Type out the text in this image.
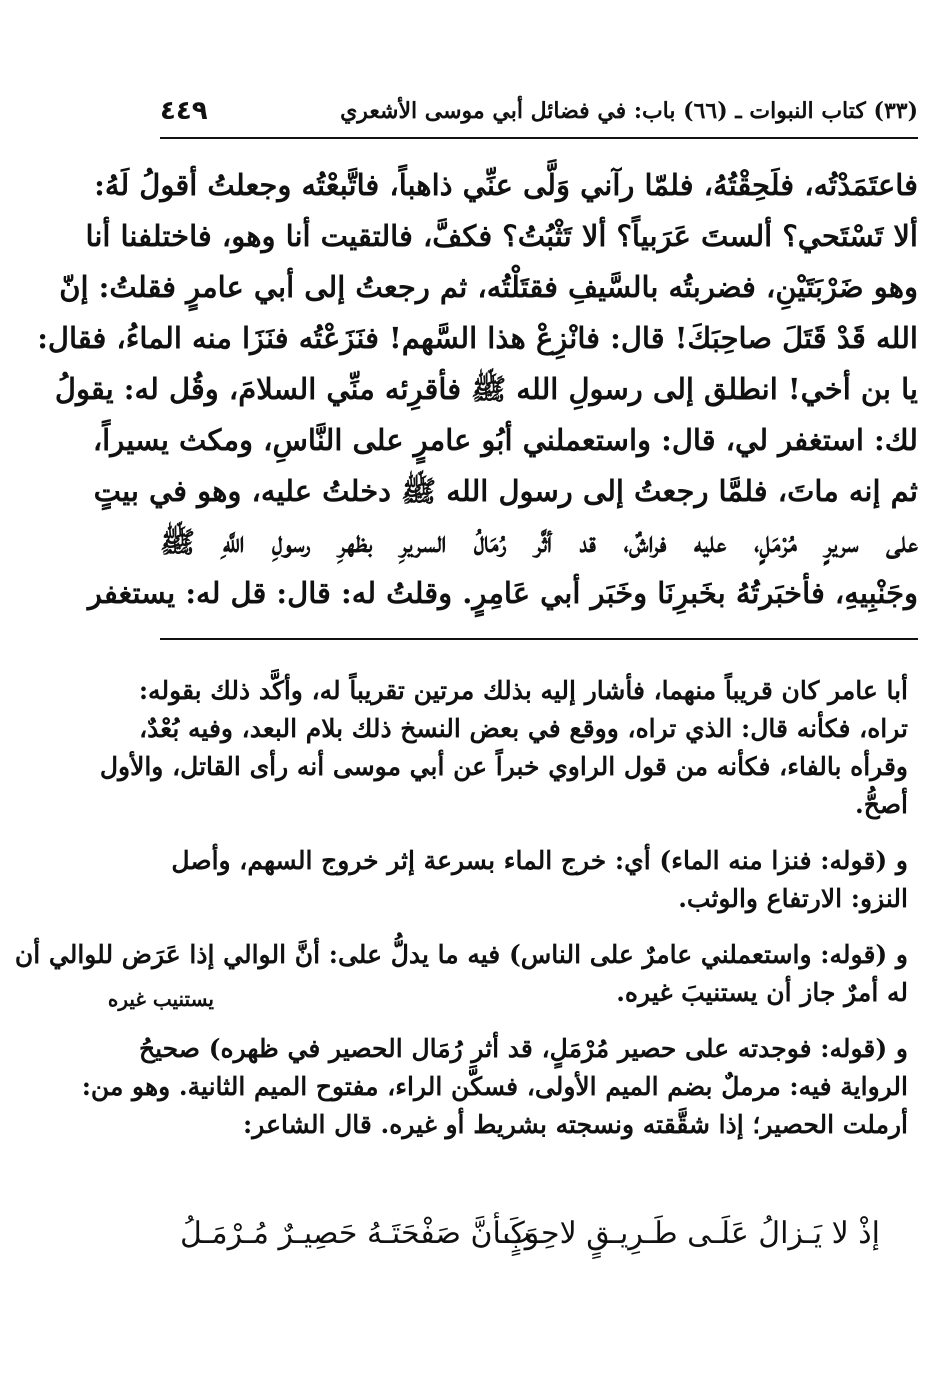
(٣٣) كتاب النبوات ـ (٦٦) باب: في فضائل أبي موسى الأشعري
٤٤٩
فاعتَمَدْتُه، فلَحِقْتُهُ، فلمّا رآني وَلَّى عنِّي ذاهباً، فاتَّبعْتُه وجعلتُ أقولُ لَهُ:
ألا تَسْتَحي؟ ألستَ عَرَبياً؟ ألا تَثْبُتُ؟ فكفَّ، فالتقيت أنا وهو، فاختلفنا أنا
وهو ضَرْبَتَيْنِ، فضربتُه بالسَّيفِ فقتَلْتُه، ثم رجعتُ إلى أبي عامرٍ فقلتُ: إنّ
الله قَدْ قَتَلَ صاحِبَكَ! قال: فانْزِعْ هذا السَّهم! فنَزَعْتُه فنَزَا منه الماءُ، فقال:
يا بن أخي! انطلق إلى رسولِ الله ﷺ فأقرِئه منِّي السلامَ، وقُل له: يقولُ
لك: استغفر لي، قال: واستعملني أبُو عامرٍ على النَّاسِ، ومكث يسيراً،
ثم إنه ماتَ، فلمَّا رجعتُ إلى رسول الله ﷺ دخلتُ عليه، وهو في بيتٍ
على سريرٍ مُرْمَلٍ، عليه فراشٌ، قد أثَّر رُمَالُ السريرِ بظهرِ رسولِ اللَّهِ ﷺ
وجَنْبِيهِ، فأخبَرتُهُ بخَبرِنَا وخَبَر أبي عَامِرٍ. وقلتُ له: قال: قل له: يستغفر
أبا عامر كان قريباً منهما، فأشار إليه بذلك مرتين تقريباً له، وأكَّد ذلك بقوله:
تراه، فكأنه قال: الذي تراه، ووقع في بعض النسخ ذلك بلام البعد، وفيه بُعْدٌ،
وقرأه بالفاء، فكأنه من قول الراوي خبراً عن أبي موسى أنه رأى القاتل، والأول
أصحُّ.
و (قوله: فنزا منه الماء) أي: خرج الماء بسرعة إثر خروج السهم، وأصل
النزو: الارتفاع والوثب.
و (قوله: واستعملني عامرٌ على الناس) فيه ما يدلُّ على: أنَّ الوالي إذا عَرَض للوالي أن
له أمرٌ جاز أن يستنيبَ غيره.
و (قوله: فوجدته على حصير مُرْمَلٍ، قد أثر رُمَال الحصير في ظهره) صحيحُ
الرواية فيه: مرملٌ بضم الميم الأولى، فسكَّن الراء، مفتوح الميم الثانية. وهو من:
أرملت الحصير؛ إذا شقَّقته ونسجته بشريط أو غيره. قال الشاعر:
يستنيب غيره
إذْ لا يَـزالُ عَلَـى طَـرِيـقٍ لاحِـبٍ
وَكَـأنَّ صَفْحَتَـهُ حَصِيـرٌ مُـرْمَـلُ
